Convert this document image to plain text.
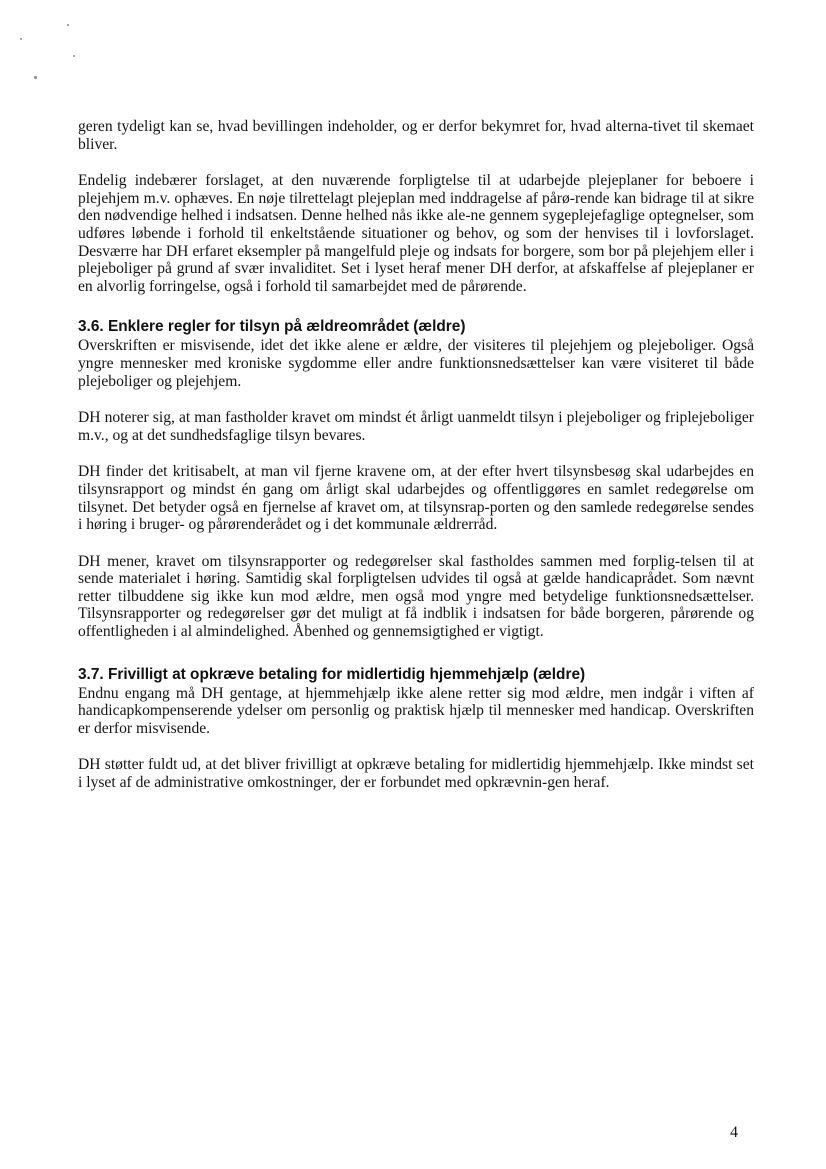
geren tydeligt kan se, hvad bevillingen indeholder, og er derfor bekymret for, hvad alterna-tivet til skemaet bliver.

Endelig indebærer forslaget, at den nuværende forpligtelse til at udarbejde plejeplaner for beboere i plejehjem m.v. ophæves. En nøje tilrettelagt plejeplan med inddragelse af pårø-rende kan bidrage til at sikre den nødvendige helhed i indsatsen. Denne helhed nås ikke ale-ne gennem sygeplejefaglige optegnelser, som udføres løbende i forhold til enkeltstående situationer og behov, og som der henvises til i lovforslaget. Desværre har DH erfaret eksempler på mangelfuld pleje og indsats for borgere, som bor på plejehjem eller i plejeboliger på grund af svær invaliditet. Set i lyset heraf mener DH derfor, at afskaffelse af plejeplaner er en alvorlig forringelse, også i forhold til samarbejdet med de pårørende.

3.6. Enklere regler for tilsyn på ældreområdet (ældre)

Overskriften er misvisende, idet det ikke alene er ældre, der visiteres til plejehjem og plejeboliger. Også yngre mennesker med kroniske sygdomme eller andre funktionsnedsættelser kan være visiteret til både plejeboliger og plejehjem.

DH noterer sig, at man fastholder kravet om mindst ét årligt uanmeldt tilsyn i plejeboliger og friplejeboliger m.v., og at det sundhedsfaglige tilsyn bevares.

DH finder det kritisabelt, at man vil fjerne kravene om, at der efter hvert tilsynsbesøg skal udarbejdes en tilsynsrapport og mindst én gang om årligt skal udarbejdes og offentliggøres en samlet redegørelse om tilsynet. Det betyder også en fjernelse af kravet om, at tilsynsrap-porten og den samlede redegørelse sendes i høring i bruger- og pårørenderådet og i det kommunale ældrerråd.

DH mener, kravet om tilsynsrapporter og redegørelser skal fastholdes sammen med forplig-telsen til at sende materialet i høring. Samtidig skal forpligtelsen udvides til også at gælde handicaprådet. Som nævnt retter tilbuddene sig ikke kun mod ældre, men også mod yngre med betydelige funktionsnedsættelser. Tilsynsrapporter og redegørelser gør det muligt at få indblik i indsatsen for både borgeren, pårørende og offentligheden i al almindelighed. Åbenhed og gennemsigtighed er vigtigt.

3.7. Frivilligt at opkræve betaling for midlertidig hjemmehjælp (ældre)

Endnu engang må DH gentage, at hjemmehjælp ikke alene retter sig mod ældre, men indgår i viften af handicapkompenserende ydelser om personlig og praktisk hjælp til mennesker med handicap. Overskriften er derfor misvisende.

DH støtter fuldt ud, at det bliver frivilligt at opkræve betaling for midlertidig hjemmehjælp. Ikke mindst set i lyset af de administrative omkostninger, der er forbundet med opkrævnin-gen heraf.

4
